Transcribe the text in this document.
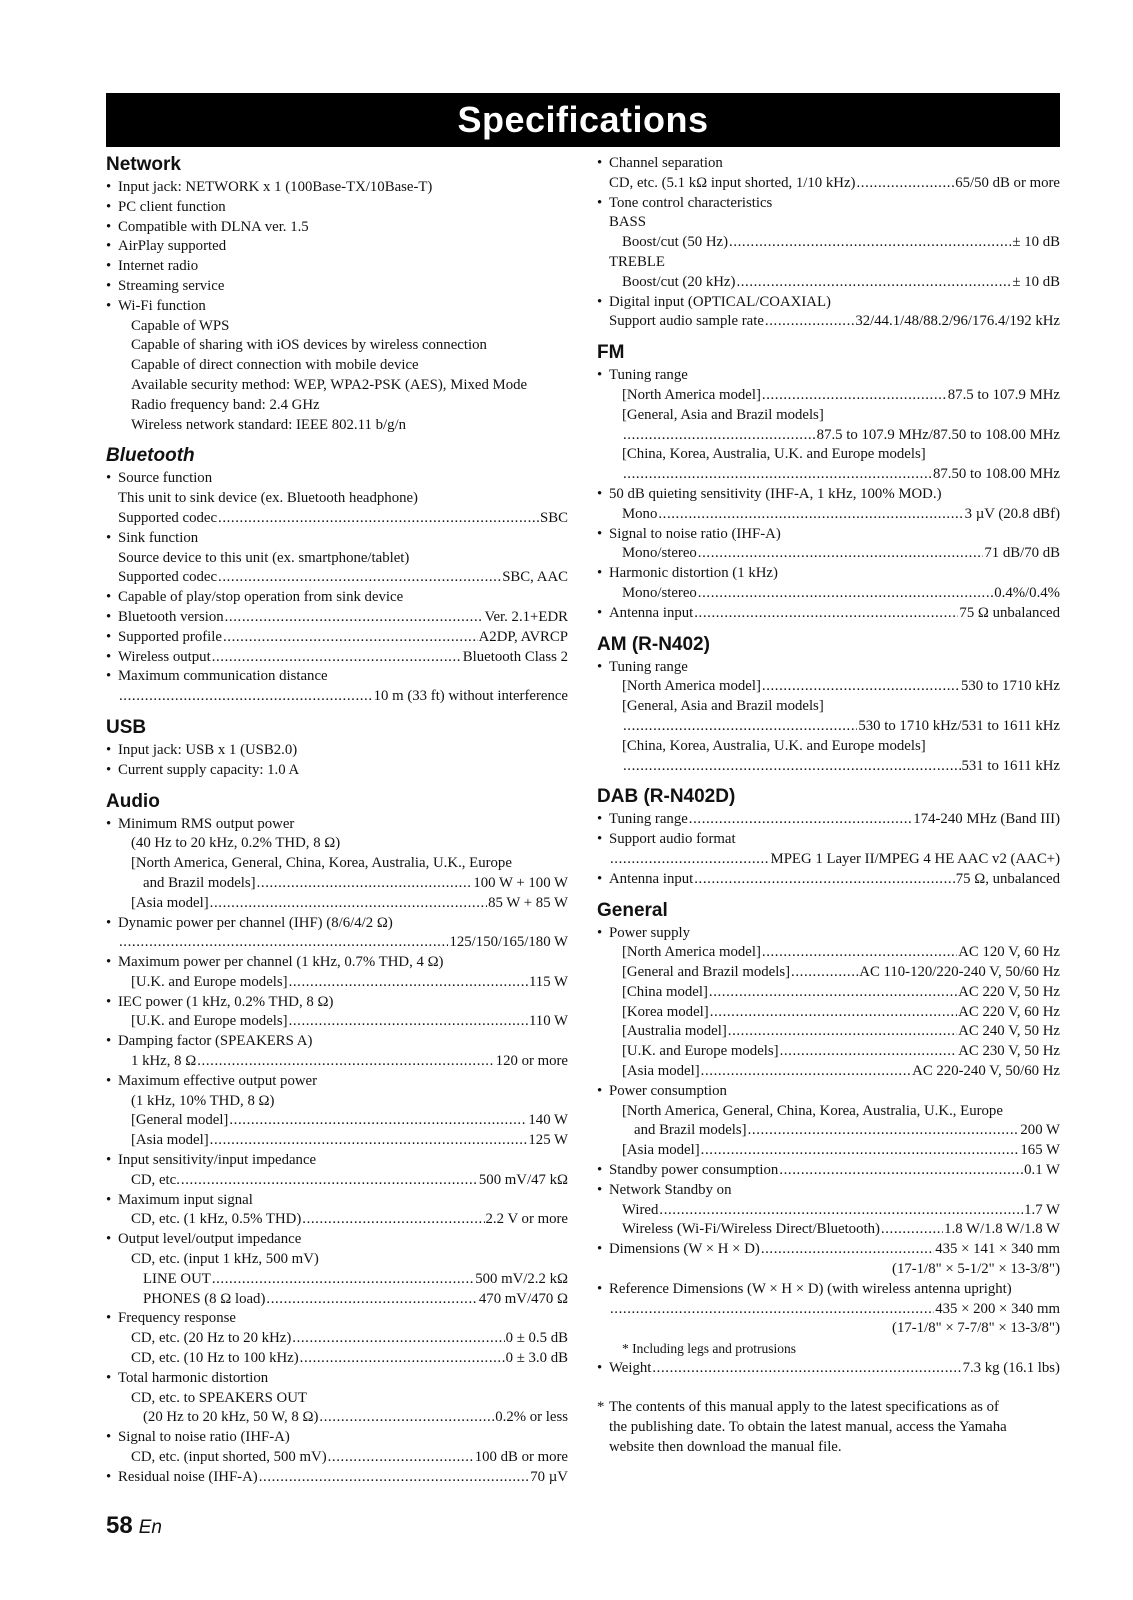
Specifications
Network
• Input jack: NETWORK x 1 (100Base-TX/10Base-T)
• PC client function
• Compatible with DLNA ver. 1.5
• AirPlay supported
• Internet radio
• Streaming service
• Wi-Fi function
Capable of WPS
Capable of sharing with iOS devices by wireless connection
Capable of direct connection with mobile device
Available security method: WEP, WPA2-PSK (AES), Mixed Mode
Radio frequency band: 2.4 GHz
Wireless network standard: IEEE 802.11 b/g/n
Bluetooth
• Source function
This unit to sink device (ex. Bluetooth headphone)
Supported codec .....	SBC
• Sink function
Source device to this unit (ex. smartphone/tablet)
Supported codec .....	SBC, AAC
• Capable of play/stop operation from sink device
• Bluetooth version .....	Ver. 2.1+EDR
• Supported profile .....	A2DP, AVRCP
• Wireless output .....	Bluetooth Class 2
• Maximum communication distance
.....
10 m (33 ft) without interference
USB
• Input jack: USB x 1 (USB2.0)
• Current supply capacity: 1.0 A
Audio
• Minimum RMS output power
(40 Hz to 20 kHz, 0.2% THD, 8 Ω)
[North America, General, China, Korea, Australia, U.K., Europe
and Brazil models] .....	100 W + 100 W
[Asia model] .....	85 W + 85 W
• Dynamic power per channel (IHF) (8/6/4/2 Ω)
.....
125/150/165/180 W
• Maximum power per channel (1 kHz, 0.7% THD, 4 Ω)
[U.K. and Europe models] .....	115 W
• IEC power (1 kHz, 0.2% THD, 8 Ω)
[U.K. and Europe models] .....	110 W
• Damping factor (SPEAKERS A)
1 kHz, 8 Ω .....	120 or more
• Maximum effective output power
(1 kHz, 10% THD, 8 Ω)
[General model] .....	140 W
[Asia model] .....	125 W
• Input sensitivity/input impedance
CD, etc. .....	500 mV/47 kΩ
• Maximum input signal
CD, etc. (1 kHz, 0.5% THD) .....	2.2 V or more
• Output level/output impedance
CD, etc. (input 1 kHz, 500 mV)
LINE OUT .....	500 mV/2.2 kΩ
PHONES (8 Ω load) .....	470 mV/470 Ω
• Frequency response
CD, etc. (20 Hz to 20 kHz) .....	0 ± 0.5 dB
CD, etc. (10 Hz to 100 kHz) .....	0 ± 3.0 dB
• Total harmonic distortion
CD, etc. to SPEAKERS OUT
(20 Hz to 20 kHz, 50 W, 8 Ω) .....	0.2% or less
• Signal to noise ratio (IHF-A)
CD, etc. (input shorted, 500 mV) .....	100 dB or more
• Residual noise (IHF-A) .....	70 µV
• Channel separation
CD, etc. (5.1 kΩ input shorted, 1/10 kHz) .....	65/50 dB or more
• Tone control characteristics
BASS
Boost/cut (50 Hz) .....	± 10 dB
TREBLE
Boost/cut (20 kHz) .....	± 10 dB
• Digital input (OPTICAL/COAXIAL)
Support audio sample rate .....	32/44.1/48/88.2/96/176.4/192 kHz
FM
• Tuning range
[North America model] .....	87.5 to 107.9 MHz
[General, Asia and Brazil models]
.....
87.5 to 107.9 MHz/87.50 to 108.00 MHz
[China, Korea, Australia, U.K. and Europe models]
.....
87.50 to 108.00 MHz
• 50 dB quieting sensitivity (IHF-A, 1 kHz, 100% MOD.)
Mono .....	3 µV (20.8 dBf)
• Signal to noise ratio (IHF-A)
Mono/stereo .....	71 dB/70 dB
• Harmonic distortion (1 kHz)
Mono/stereo .....	0.4%/0.4%
• Antenna input .....	75 Ω unbalanced
AM (R-N402)
• Tuning range
[North America model] .....	530 to 1710 kHz
[General, Asia and Brazil models]
.....
530 to 1710 kHz/531 to 1611 kHz
[China, Korea, Australia, U.K. and Europe models]
.....
531 to 1611 kHz
DAB (R-N402D)
• Tuning range .....	174-240 MHz (Band III)
• Support audio format
.....
MPEG 1 Layer II/MPEG 4 HE AAC v2 (AAC+)
• Antenna input .....	75 Ω, unbalanced
General
• Power supply
[North America model] .....	AC 120 V, 60 Hz
[General and Brazil models] .....	AC 110-120/220-240 V, 50/60 Hz
[China model] .....	AC 220 V, 50 Hz
[Korea model] .....	AC 220 V, 60 Hz
[Australia model] .....	AC 240 V, 50 Hz
[U.K. and Europe models] .....	AC 230 V, 50 Hz
[Asia model] .....	AC 220-240 V, 50/60 Hz
• Power consumption
[North America, General, China, Korea, Australia, U.K., Europe
and Brazil models] .....	200 W
[Asia model] .....	165 W
• Standby power consumption .....	0.1 W
• Network Standby on
Wired .....	1.7 W
Wireless (Wi-Fi/Wireless Direct/Bluetooth) .....	1.8 W/1.8 W/1.8 W
• Dimensions (W × H × D) .....	435 × 141 × 340 mm
(17-1/8" × 5-1/2" × 13-3/8")
• Reference Dimensions (W × H × D) (with wireless antenna upright)
.....
435 × 200 × 340 mm
(17-1/8" × 7-7/8" × 13-3/8")
* Including legs and protrusions
• Weight .....	7.3 kg (16.1 lbs)
* The contents of this manual apply to the latest specifications as of
the publishing date. To obtain the latest manual, access the Yamaha
website then download the manual file.
58 En
